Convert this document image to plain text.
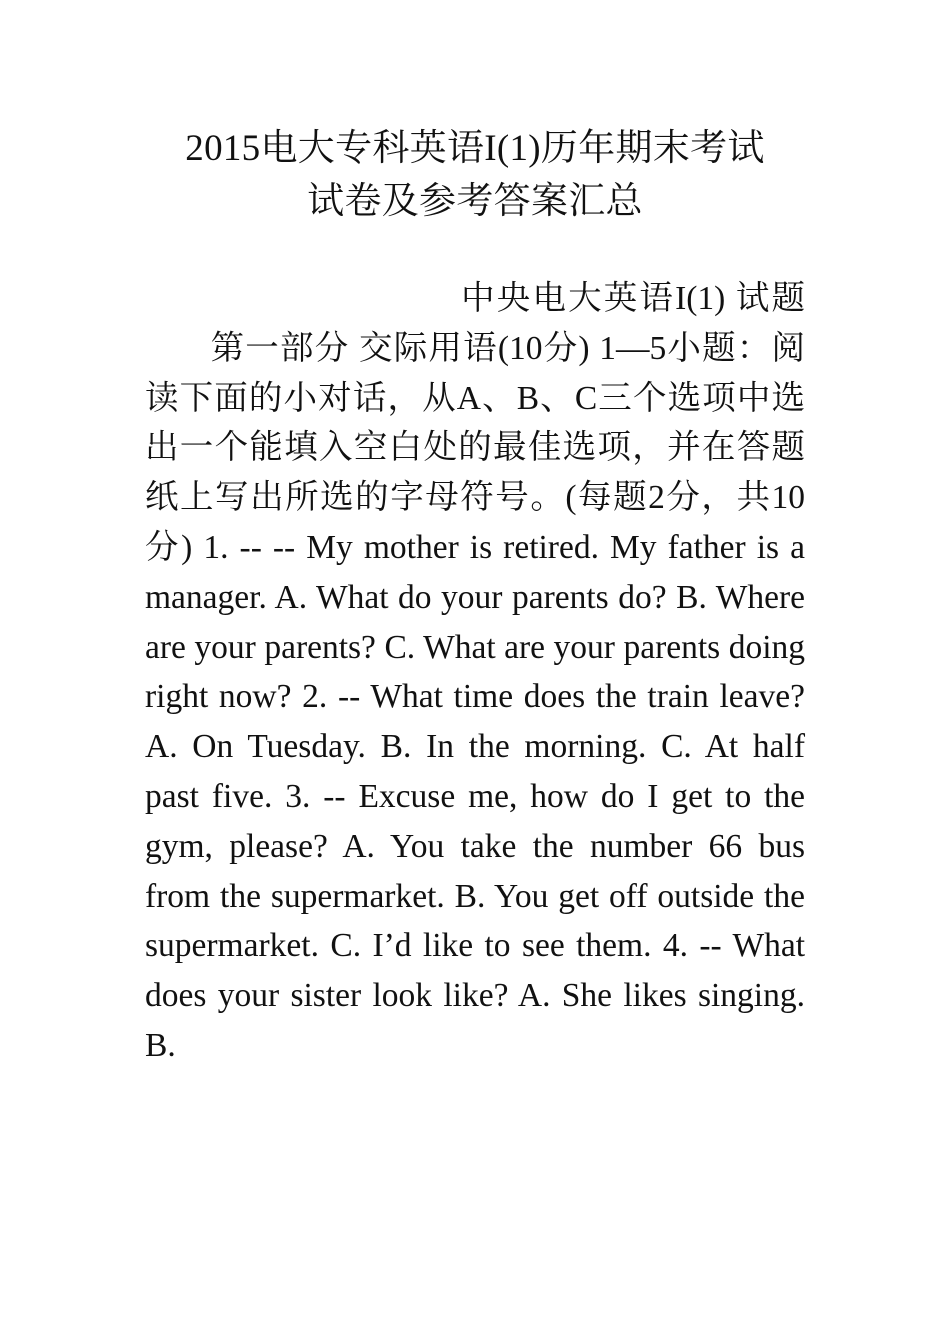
2015电大专科英语I(1)历年期末考试
试卷及参考答案汇总

中央电大英语I(1) 试题 第一部分 交际用语(10分) 1—5小题：阅读下面的小对话，从A、B、C三个选项中选出一个能填入空白处的最佳选项，并在答题纸上写出所选的字母符号。(每题2分，共10分) 1. -- -- My mother is retired. My father is a manager. A. What do your parents do? B. Where are your parents? C. What are your parents doing right now? 2. -- What time does the train leave? A. On Tuesday. B. In the morning. C. At half past five. 3. -- Excuse me, how do I get to the gym, please? A. You take the number 66 bus from the supermarket. B. You get off outside the supermarket. C. I’d like to see them. 4. -- What does your sister look like? A. She likes singing. B.
